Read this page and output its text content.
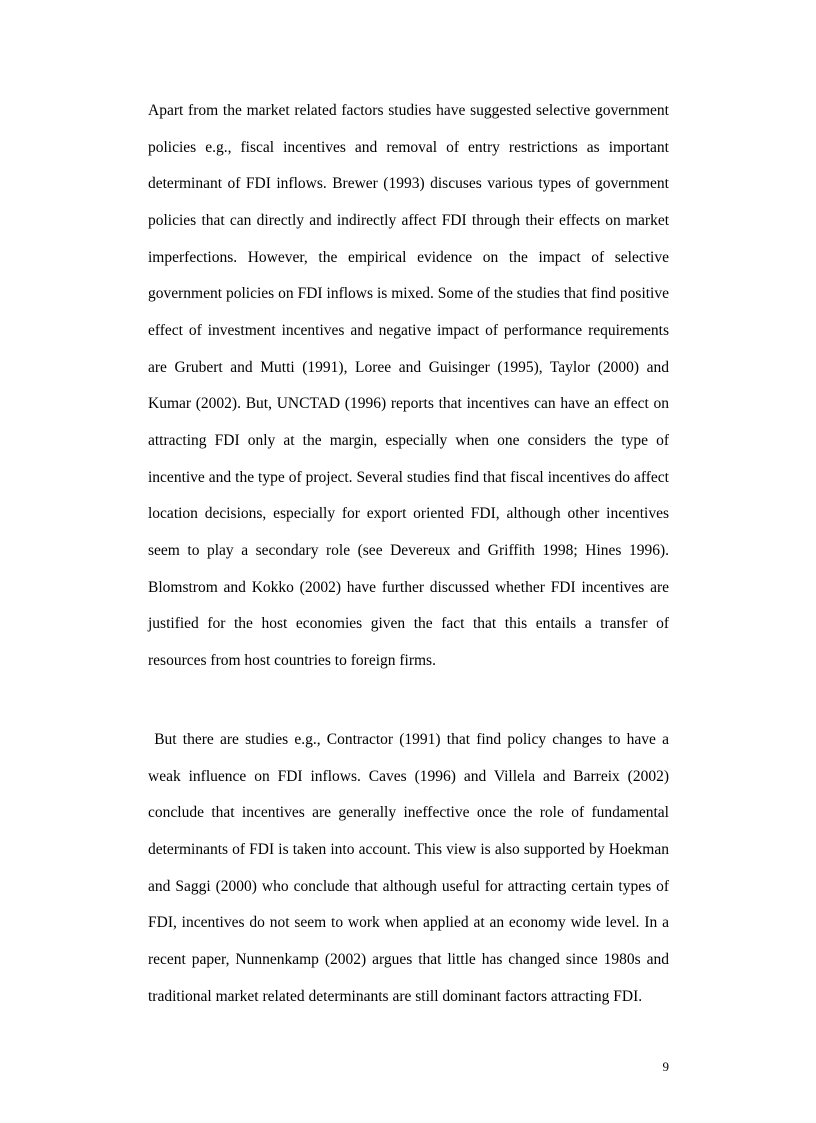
Apart from the market related factors studies have suggested selective government policies e.g., fiscal incentives and removal of entry restrictions as important determinant of FDI inflows. Brewer (1993) discuses various types of government policies that can directly and indirectly affect FDI through their effects on market imperfections. However, the empirical evidence on the impact of selective government policies on FDI inflows is mixed. Some of the studies that find positive effect of investment incentives and negative impact of performance requirements are Grubert and Mutti (1991), Loree and Guisinger (1995), Taylor (2000) and Kumar (2002). But, UNCTAD (1996) reports that incentives can have an effect on attracting FDI only at the margin, especially when one considers the type of incentive and the type of project. Several studies find that fiscal incentives do affect location decisions, especially for export oriented FDI, although other incentives seem to play a secondary role (see Devereux and Griffith 1998; Hines 1996). Blomstrom and Kokko (2002) have further discussed whether FDI incentives are justified for the host economies given the fact that this entails a transfer of resources from host countries to foreign firms.

But there are studies e.g., Contractor (1991) that find policy changes to have a weak influence on FDI inflows. Caves (1996) and Villela and Barreix (2002) conclude that incentives are generally ineffective once the role of fundamental determinants of FDI is taken into account. This view is also supported by Hoekman and Saggi (2000) who conclude that although useful for attracting certain types of FDI, incentives do not seem to work when applied at an economy wide level. In a recent paper, Nunnenkamp (2002) argues that little has changed since 1980s and traditional market related determinants are still dominant factors attracting FDI.

9
